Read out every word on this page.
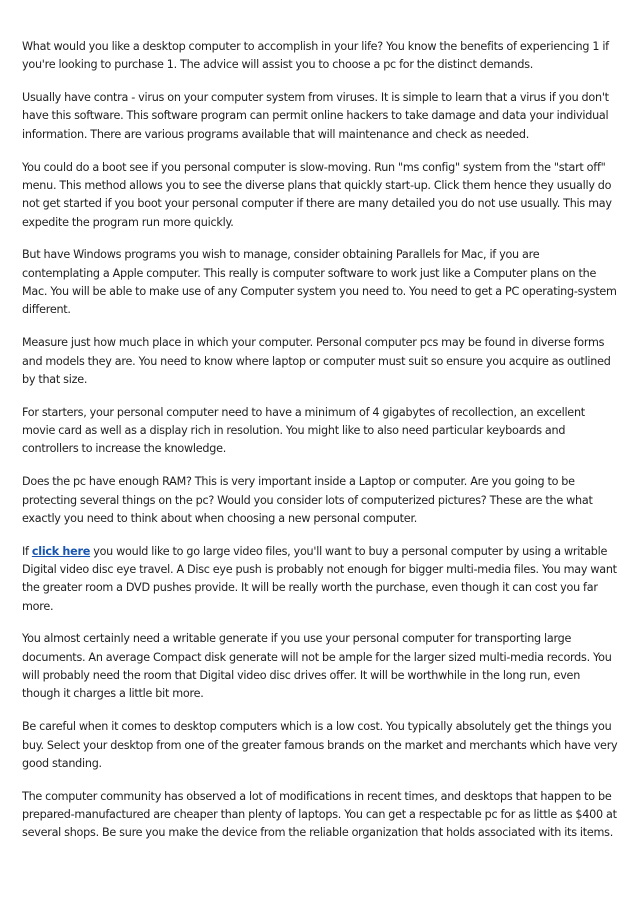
What would you like a desktop computer to accomplish in your life? You know the benefits of experiencing 1 if you're looking to purchase 1. The advice will assist you to choose a pc for the distinct demands.

Usually have contra - virus on your computer system from viruses. It is simple to learn that a virus if you don't have this software. This software program can permit online hackers to take damage and data your individual information. There are various programs available that will maintenance and check as needed.

You could do a boot see if you personal computer is slow-moving. Run "ms config" system from the "start off" menu. This method allows you to see the diverse plans that quickly start-up. Click them hence they usually do not get started if you boot your personal computer if there are many detailed you do not use usually. This may expedite the program run more quickly.

But have Windows programs you wish to manage, consider obtaining Parallels for Mac, if you are contemplating a Apple computer. This really is computer software to work just like a Computer plans on the Mac. You will be able to make use of any Computer system you need to. You need to get a PC operating-system different.

Measure just how much place in which your computer. Personal computer pcs may be found in diverse forms and models they are. You need to know where laptop or computer must suit so ensure you acquire as outlined by that size.

For starters, your personal computer need to have a minimum of 4 gigabytes of recollection, an excellent movie card as well as a display rich in resolution. You might like to also need particular keyboards and controllers to increase the knowledge.

Does the pc have enough RAM? This is very important inside a Laptop or computer. Are you going to be protecting several things on the pc? Would you consider lots of computerized pictures? These are the what exactly you need to think about when choosing a new personal computer.

If click here you would like to go large video files, you'll want to buy a personal computer by using a writable Digital video disc eye travel. A Disc eye push is probably not enough for bigger multi-media files. You may want the greater room a DVD pushes provide. It will be really worth the purchase, even though it can cost you far more.

You almost certainly need a writable generate if you use your personal computer for transporting large documents. An average Compact disk generate will not be ample for the larger sized multi-media records. You will probably need the room that Digital video disc drives offer. It will be worthwhile in the long run, even though it charges a little bit more.

Be careful when it comes to desktop computers which is a low cost. You typically absolutely get the things you buy. Select your desktop from one of the greater famous brands on the market and merchants which have very good standing.

The computer community has observed a lot of modifications in recent times, and desktops that happen to be prepared-manufactured are cheaper than plenty of laptops. You can get a respectable pc for as little as $400 at several shops. Be sure you make the device from the reliable organization that holds associated with its items.
